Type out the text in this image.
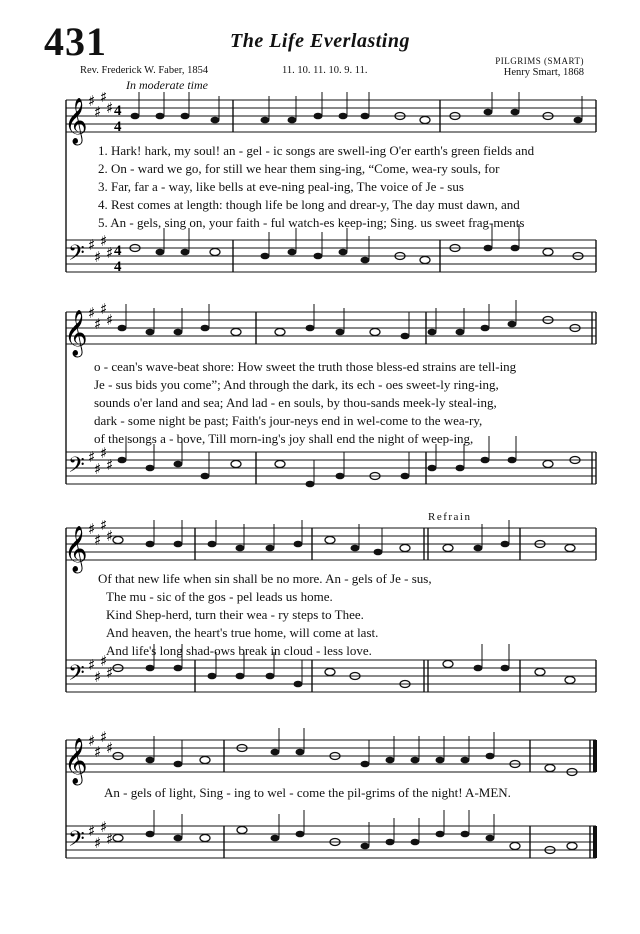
431	The Life Everlasting
Rev. Frederick W. Faber, 1854	11. 10. 11. 10. 9. 11.
PILGRIMS (SMART)
Henry Smart, 1868
In moderate time
Refrain
𝄞
𝄢
♯
♯
♯
♯
♯
♯
♯
♯
4
4
4
4
1. Hark! hark, my soul! an - gel - ic songs are swell-ing O'er earth's green fields and
2. On - ward we go, for still we hear them sing-ing, “Come, wea-ry souls, for
3. Far, far a - way, like bells at eve-ning peal-ing, The voice of Je - sus
4. Rest comes at length: though life be long and drear-y, The day must dawn, and
5. An - gels, sing on, your faith - ful watch-es keep-ing; Sing. us sweet frag-ments
𝄞
𝄢
♯
♯
♯
♯
♯
♯
♯
♯
o - cean's wave-beat shore: How sweet the truth those bless-ed strains are tell-ing
Je - sus bids you come”; And through the dark, its ech - oes sweet-ly ring-ing,
sounds o'er land and sea; And lad - en souls, by thou-sands meek-ly steal-ing,
dark - some night be past; Faith's jour-neys end in wel-come to the wea-ry,
of the songs a - bove, Till morn-ing's joy shall end the night of weep-ing,
𝄞
𝄢
♯
♯
♯
♯
♯
♯
♯
♯
Of that new life when sin shall be no more. An - gels of Je - sus,
The mu - sic of the gos - pel leads us home.
Kind Shep-herd, turn their wea - ry steps to Thee.
And heaven, the heart's true home, will come at last.
And life's long shad-ows break in cloud - less love.
𝄞
𝄢
♯
♯
♯
♯
♯
♯
♯
♯
An - gels of light, Sing - ing to wel - come the pil-grims of the night! A-MEN.
